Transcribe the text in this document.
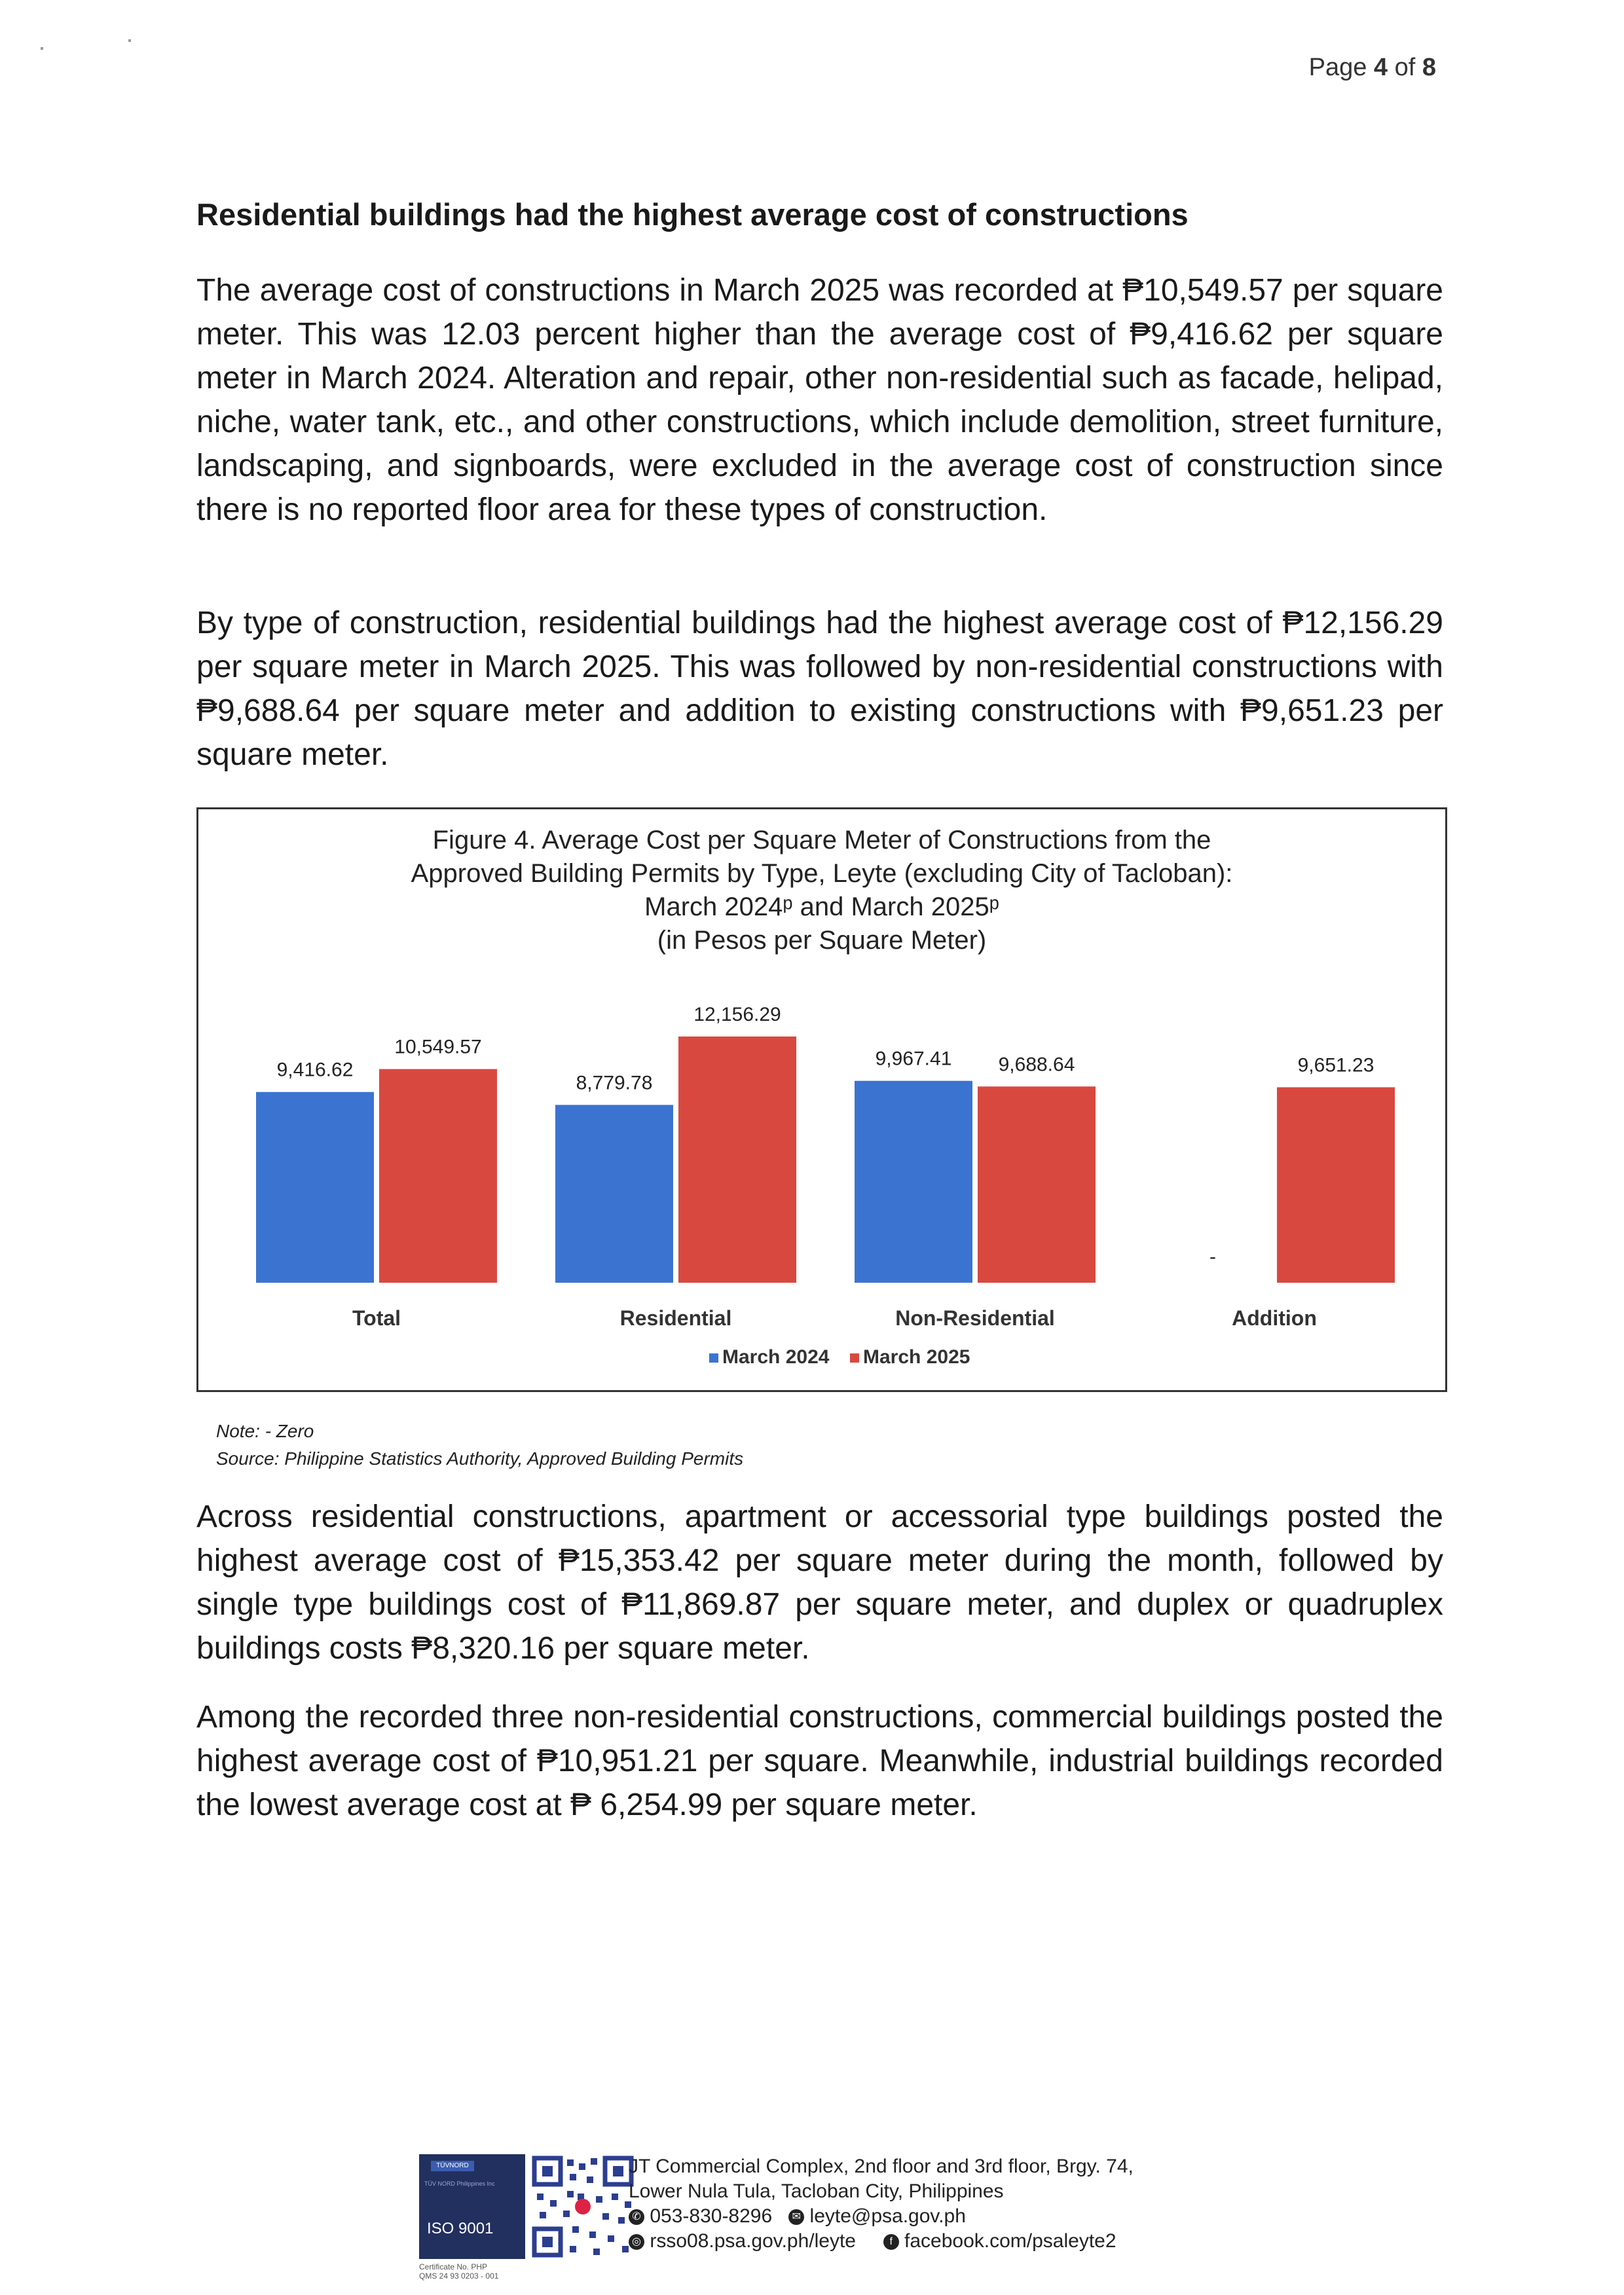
Page 4 of 8
Residential buildings had the highest average cost of constructions
The average cost of constructions in March 2025 was recorded at ₱10,549.57 per square meter. This was 12.03 percent higher than the average cost of ₱9,416.62 per square meter in March 2024. Alteration and repair, other non-residential such as facade, helipad, niche, water tank, etc., and other constructions, which include demolition, street furniture, landscaping, and signboards, were excluded in the average cost of construction since there is no reported floor area for these types of construction.
By type of construction, residential buildings had the highest average cost of ₱12,156.29 per square meter in March 2025. This was followed by non-residential constructions with ₱9,688.64 per square meter and addition to existing constructions with ₱9,651.23 per square meter.
Figure 4. Average Cost per Square Meter of Constructions from the
Approved Building Permits by Type, Leyte (excluding City of Tacloban):
March 2024ᵖ and March 2025ᵖ
(in Pesos per Square Meter)
9,416.62
10,549.57
Total
8,779.78
12,156.29
Residential
9,967.41 9,688.64
Non-Residential
-
9,651.23
Addition
March 2024 March 2025
Note: - Zero
Source: Philippine Statistics Authority, Approved Building Permits
Across residential constructions, apartment or accessorial type buildings posted the highest average cost of ₱15,353.42 per square meter during the month, followed by single type buildings cost of ₱11,869.87 per square meter, and duplex or quadruplex buildings costs ₱8,320.16 per square meter.
Among the recorded three non-residential constructions, commercial buildings posted the highest average cost of ₱10,951.21 per square. Meanwhile, industrial buildings recorded the lowest average cost at ₱ 6,254.99 per square meter.
TÜVNORD
TÜV NORD Philippines Inc
ISO 9001
Certificate No. PHP
QMS 24 93 0203 - 001
JT Commercial Complex, 2nd floor and 3rd floor, Brgy. 74,
Lower Nula Tula, Tacloban City, Philippines
✆ 053-830-8296 ✉ leyte@psa.gov.ph
◎ rsso08.psa.gov.ph/leyte	f facebook.com/psaleyte2
